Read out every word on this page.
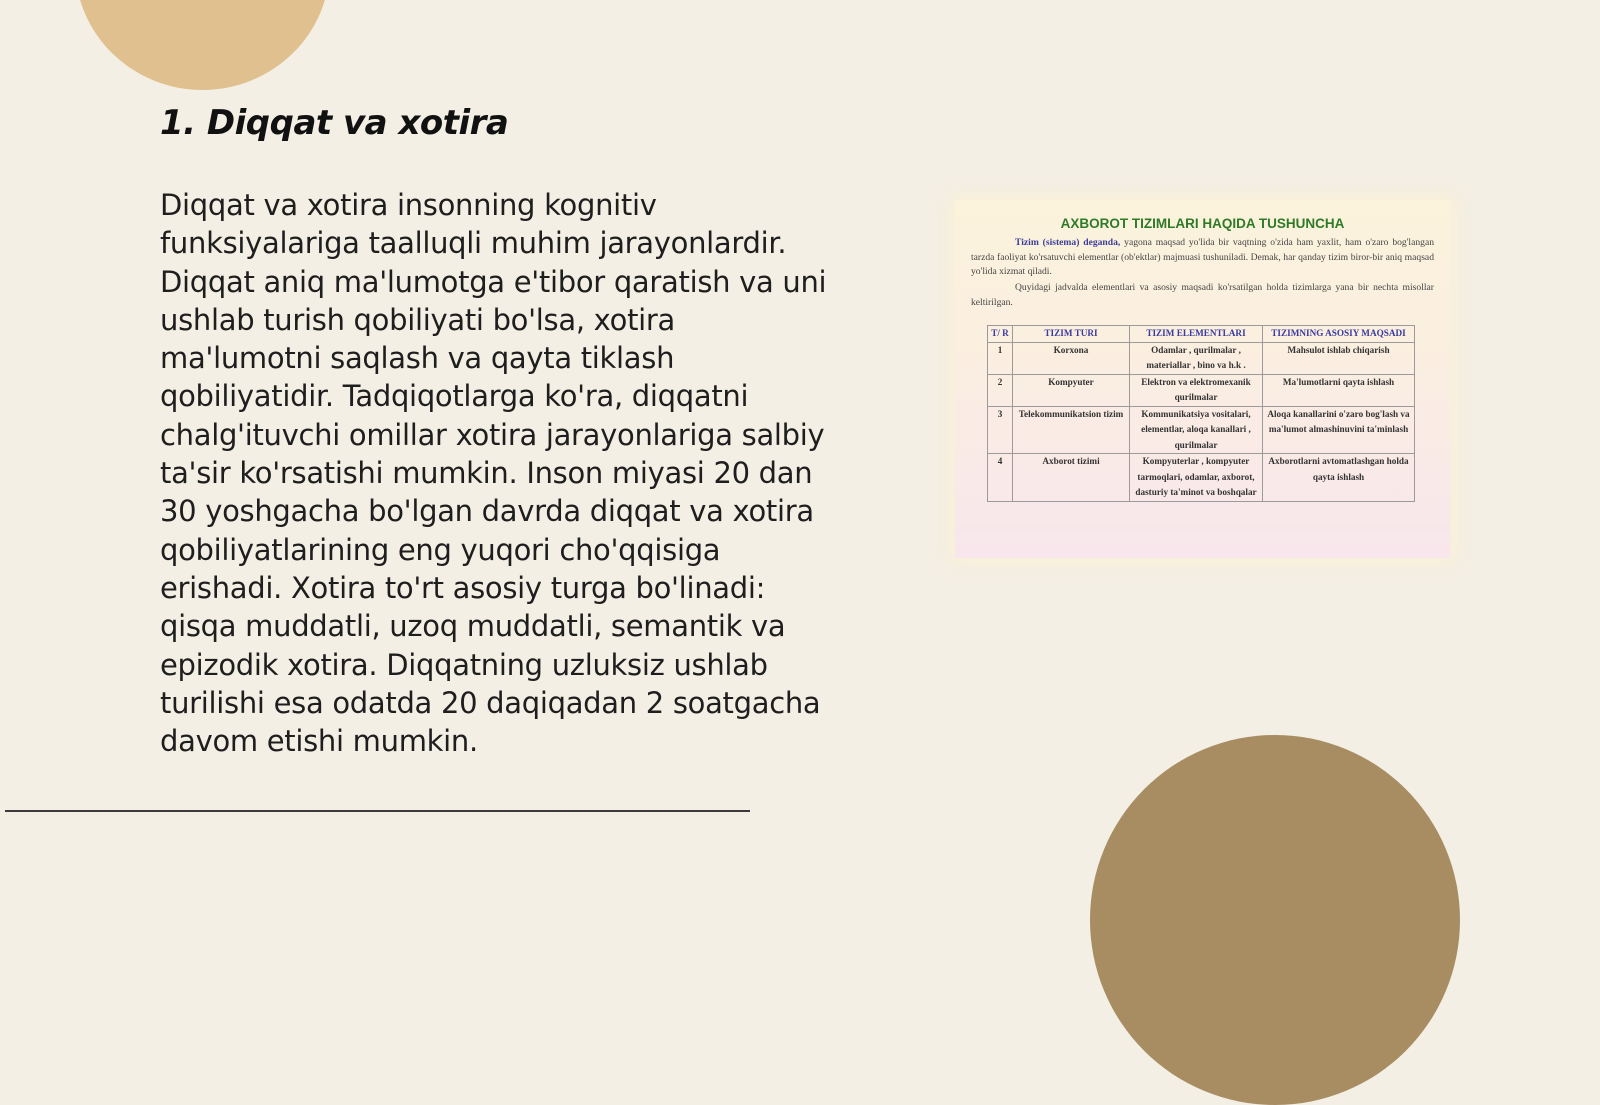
1. Diqqat va xotira

Diqqat va xotira insonning kognitiv funksiyalariga taalluqli muhim jarayonlardir. Diqqat aniq ma'lumotga e'tibor qaratish va uni ushlab turish qobiliyati bo'lsa, xotira ma'lumotni saqlash va qayta tiklash qobiliyatidir. Tadqiqotlarga ko'ra, diqqatni chalg'ituvchi omillar xotira jarayonlariga salbiy ta'sir ko'rsatishi mumkin. Inson miyasi 20 dan 30 yoshgacha bo'lgan davrda diqqat va xotira qobiliyatlarining eng yuqori cho'qqisiga erishadi. Xotira to'rt asosiy turga bo'linadi: qisqa muddatli, uzoq muddatli, semantik va epizodik xotira. Diqqatning uzluksiz ushlab turilishi esa odatda 20 daqiqadan 2 soatgacha davom etishi mumkin.

AXBOROT TIZIMLARI HAQIDA TUSHUNCHA

Tizim (sistema) deganda, yagona maqsad yo'lida bir vaqtning o'zida ham yaxlit, ham o'zaro bog'langan tarzda faoliyat ko'rsatuvchi elementlar (ob'ektlar) majmuasi tushuniladi. Demak, har qanday tizim biror-bir aniq maqsad yo'lida xizmat qiladi.

Quyidagi jadvalda elementlari va asosiy maqsadi ko'rsatilgan holda tizimlarga yana bir nechta misollar keltirilgan.

T/ R	TIZIM TURI	TIZIM ELEMENTLARI	TIZIMNING ASOSIY MAQSADI
1	Korxona	Odamlar , qurilmalar , materiallar , bino va h.k .	Mahsulot ishlab chiqarish
2	Kompyuter	Elektron va elektromexanik qurilmalar	Ma'lumotlarni qayta ishlash
3	Telekommunikatsion tizim	Kommunikatsiya vositalari, elementlar, aloqa kanallari , qurilmalar	Aloqa kanallarini o'zaro bog'lash va ma'lumot almashinuvini ta'minlash
4	Axborot tizimi	Kompyuterlar , kompyuter tarmoqlari, odamlar, axborot, dasturiy ta'minot va boshqalar	Axborotlarni avtomatlashgan holda qayta ishlash
